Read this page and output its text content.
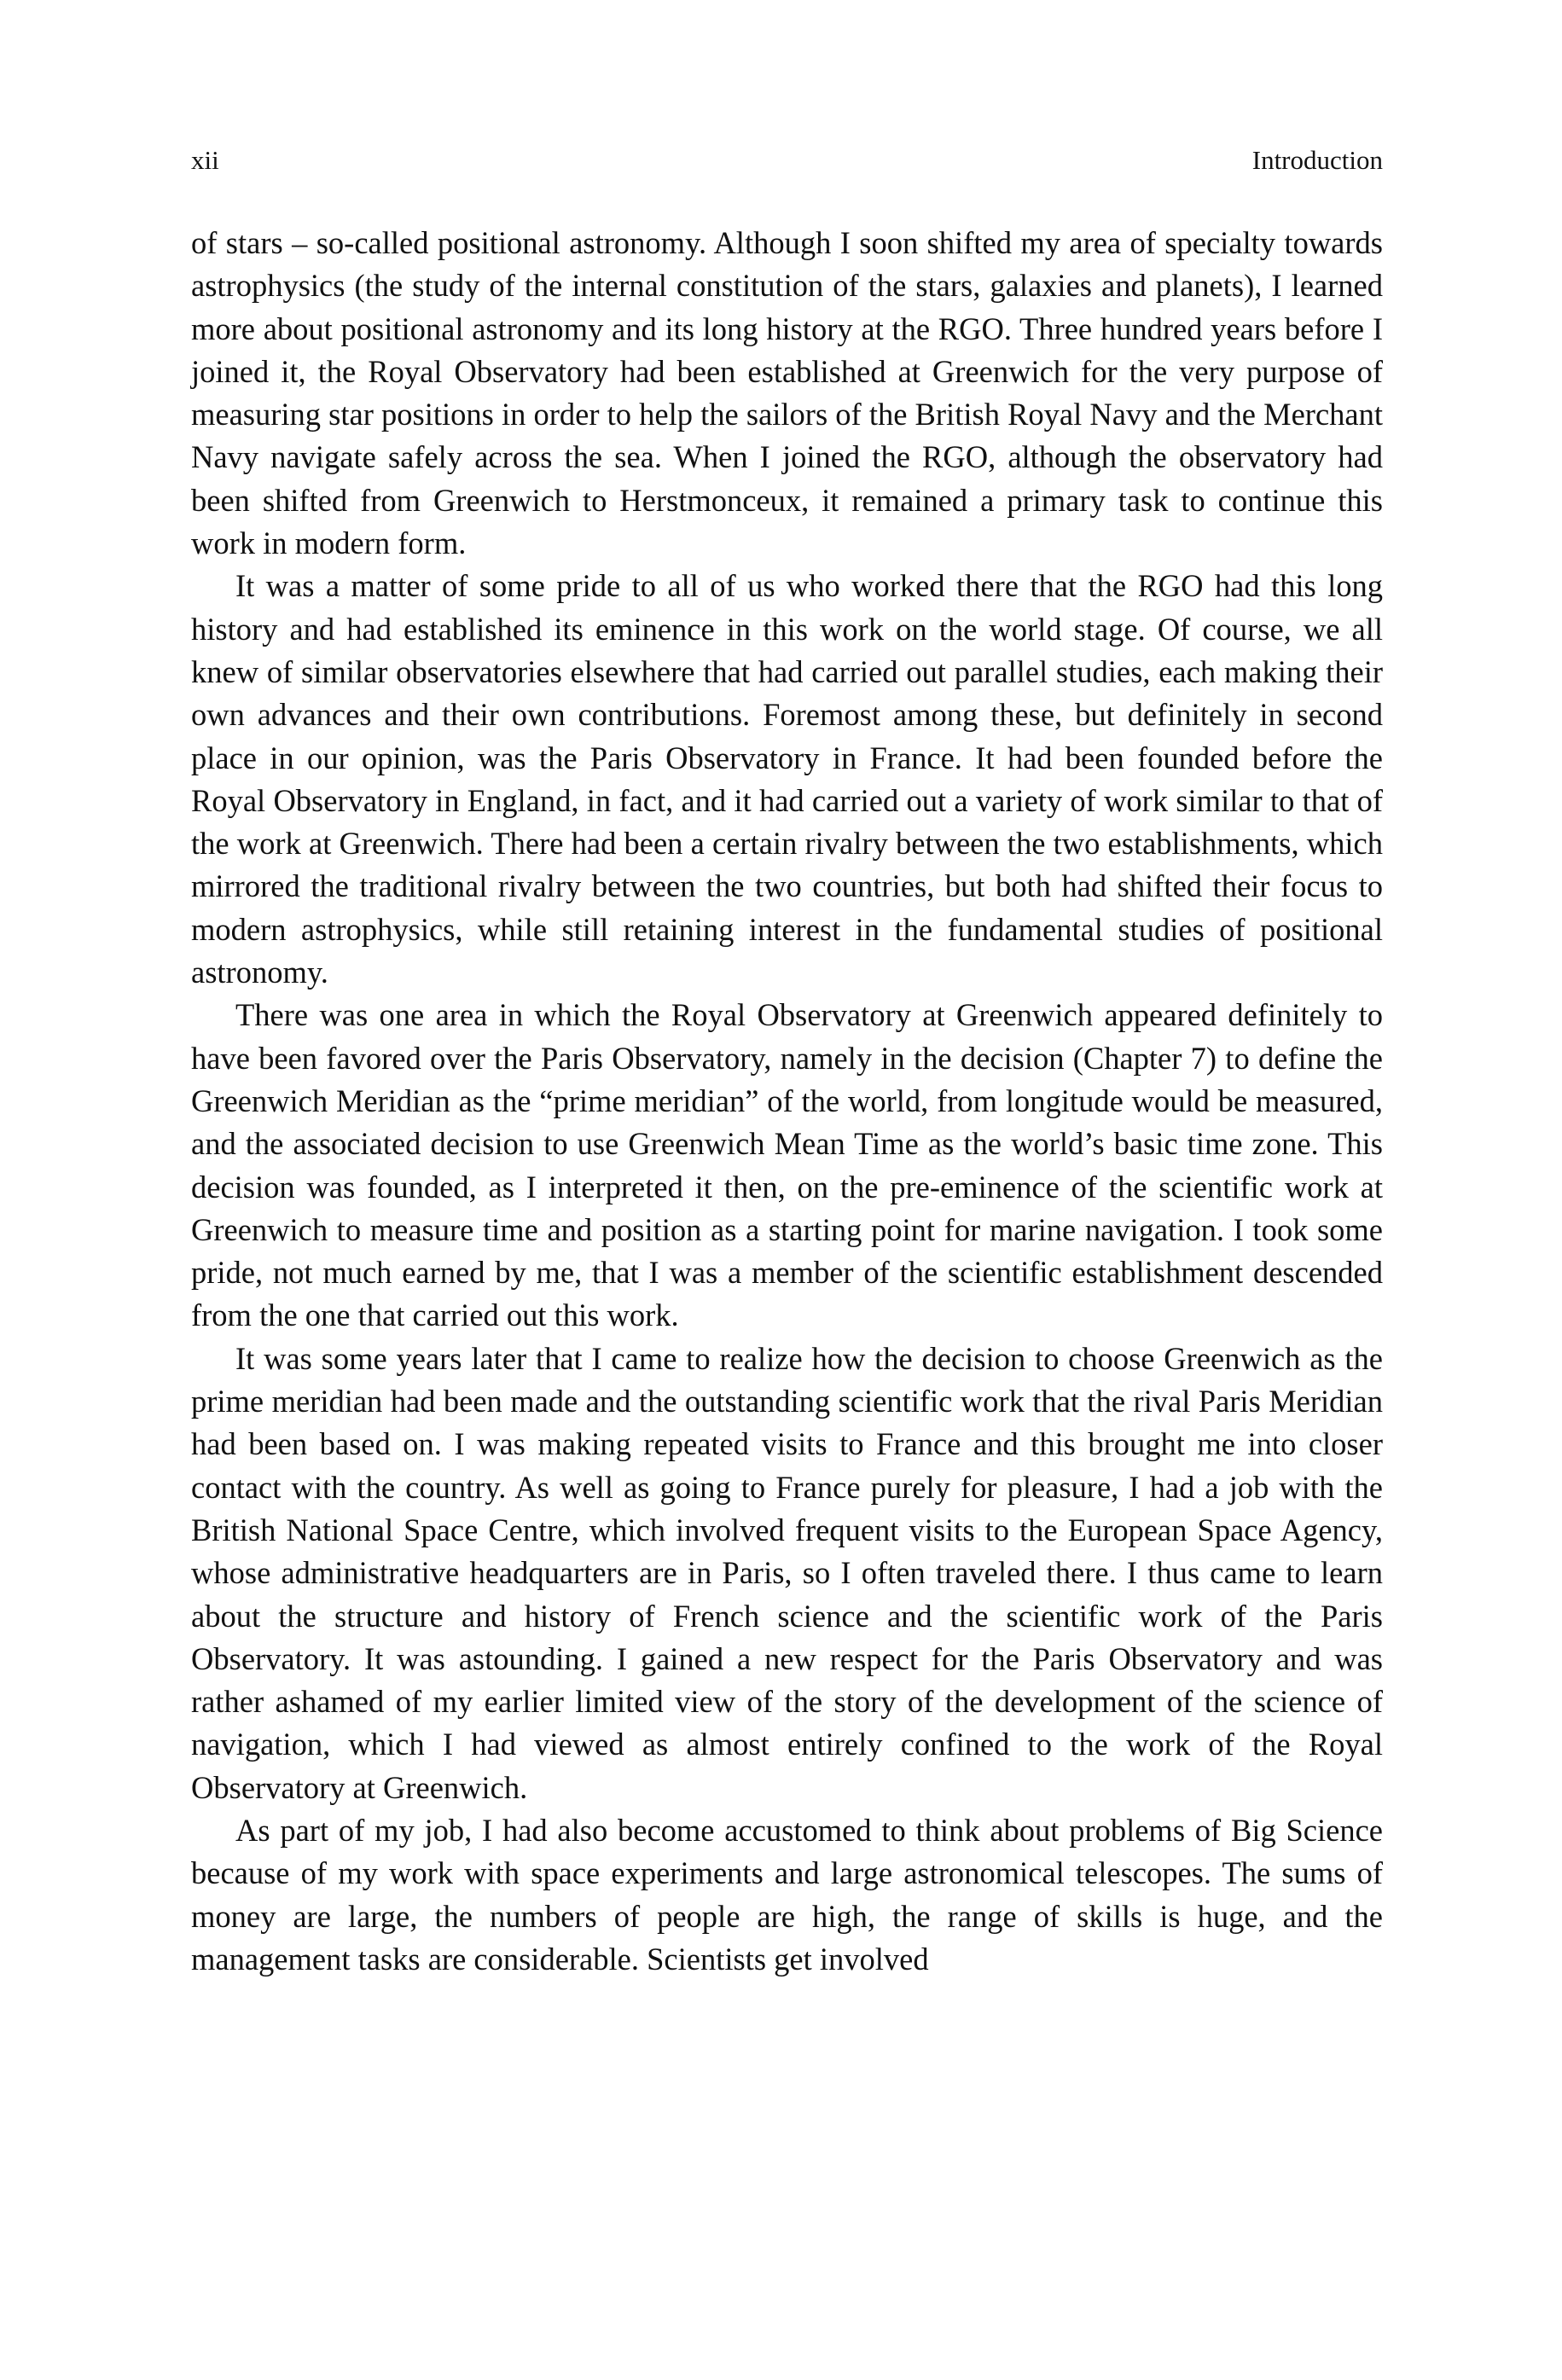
xii	Introduction

of stars – so-called positional astronomy. Although I soon shifted my area of specialty towards astrophysics (the study of the internal constitution of the stars, galaxies and planets), I learned more about positional astronomy and its long history at the RGO. Three hundred years before I joined it, the Royal Observatory had been established at Greenwich for the very purpose of measuring star positions in order to help the sailors of the British Royal Navy and the Merchant Navy navigate safely across the sea. When I joined the RGO, although the observatory had been shifted from Greenwich to Herstmonceux, it remained a primary task to continue this work in modern form.

It was a matter of some pride to all of us who worked there that the RGO had this long history and had established its eminence in this work on the world stage. Of course, we all knew of similar observatories elsewhere that had carried out parallel studies, each making their own advances and their own contributions. Foremost among these, but definitely in second place in our opinion, was the Paris Observatory in France. It had been founded before the Royal Observatory in England, in fact, and it had carried out a variety of work similar to that of the work at Greenwich. There had been a certain rivalry between the two establishments, which mirrored the traditional rivalry between the two countries, but both had shifted their focus to modern astrophysics, while still retaining interest in the fundamental studies of positional astronomy.

There was one area in which the Royal Observatory at Greenwich appeared definitely to have been favored over the Paris Observatory, namely in the decision (Chapter 7) to define the Greenwich Meridian as the “prime meridian” of the world, from longitude would be measured, and the associated decision to use Greenwich Mean Time as the world’s basic time zone. This decision was founded, as I interpreted it then, on the pre-eminence of the scientific work at Greenwich to measure time and position as a starting point for marine navigation. I took some pride, not much earned by me, that I was a member of the scientific establishment descended from the one that carried out this work.

It was some years later that I came to realize how the decision to choose Greenwich as the prime meridian had been made and the outstanding scientific work that the rival Paris Meridian had been based on. I was making repeated visits to France and this brought me into closer contact with the country. As well as going to France purely for pleasure, I had a job with the British National Space Centre, which involved frequent visits to the European Space Agency, whose administrative headquarters are in Paris, so I often traveled there. I thus came to learn about the structure and history of French science and the scientific work of the Paris Observatory. It was astounding. I gained a new respect for the Paris Observatory and was rather ashamed of my earlier limited view of the story of the development of the science of navigation, which I had viewed as almost entirely confined to the work of the Royal Observatory at Greenwich.

As part of my job, I had also become accustomed to think about problems of Big Science because of my work with space experiments and large astronomical telescopes. The sums of money are large, the numbers of people are high, the range of skills is huge, and the management tasks are considerable. Scientists get involved
